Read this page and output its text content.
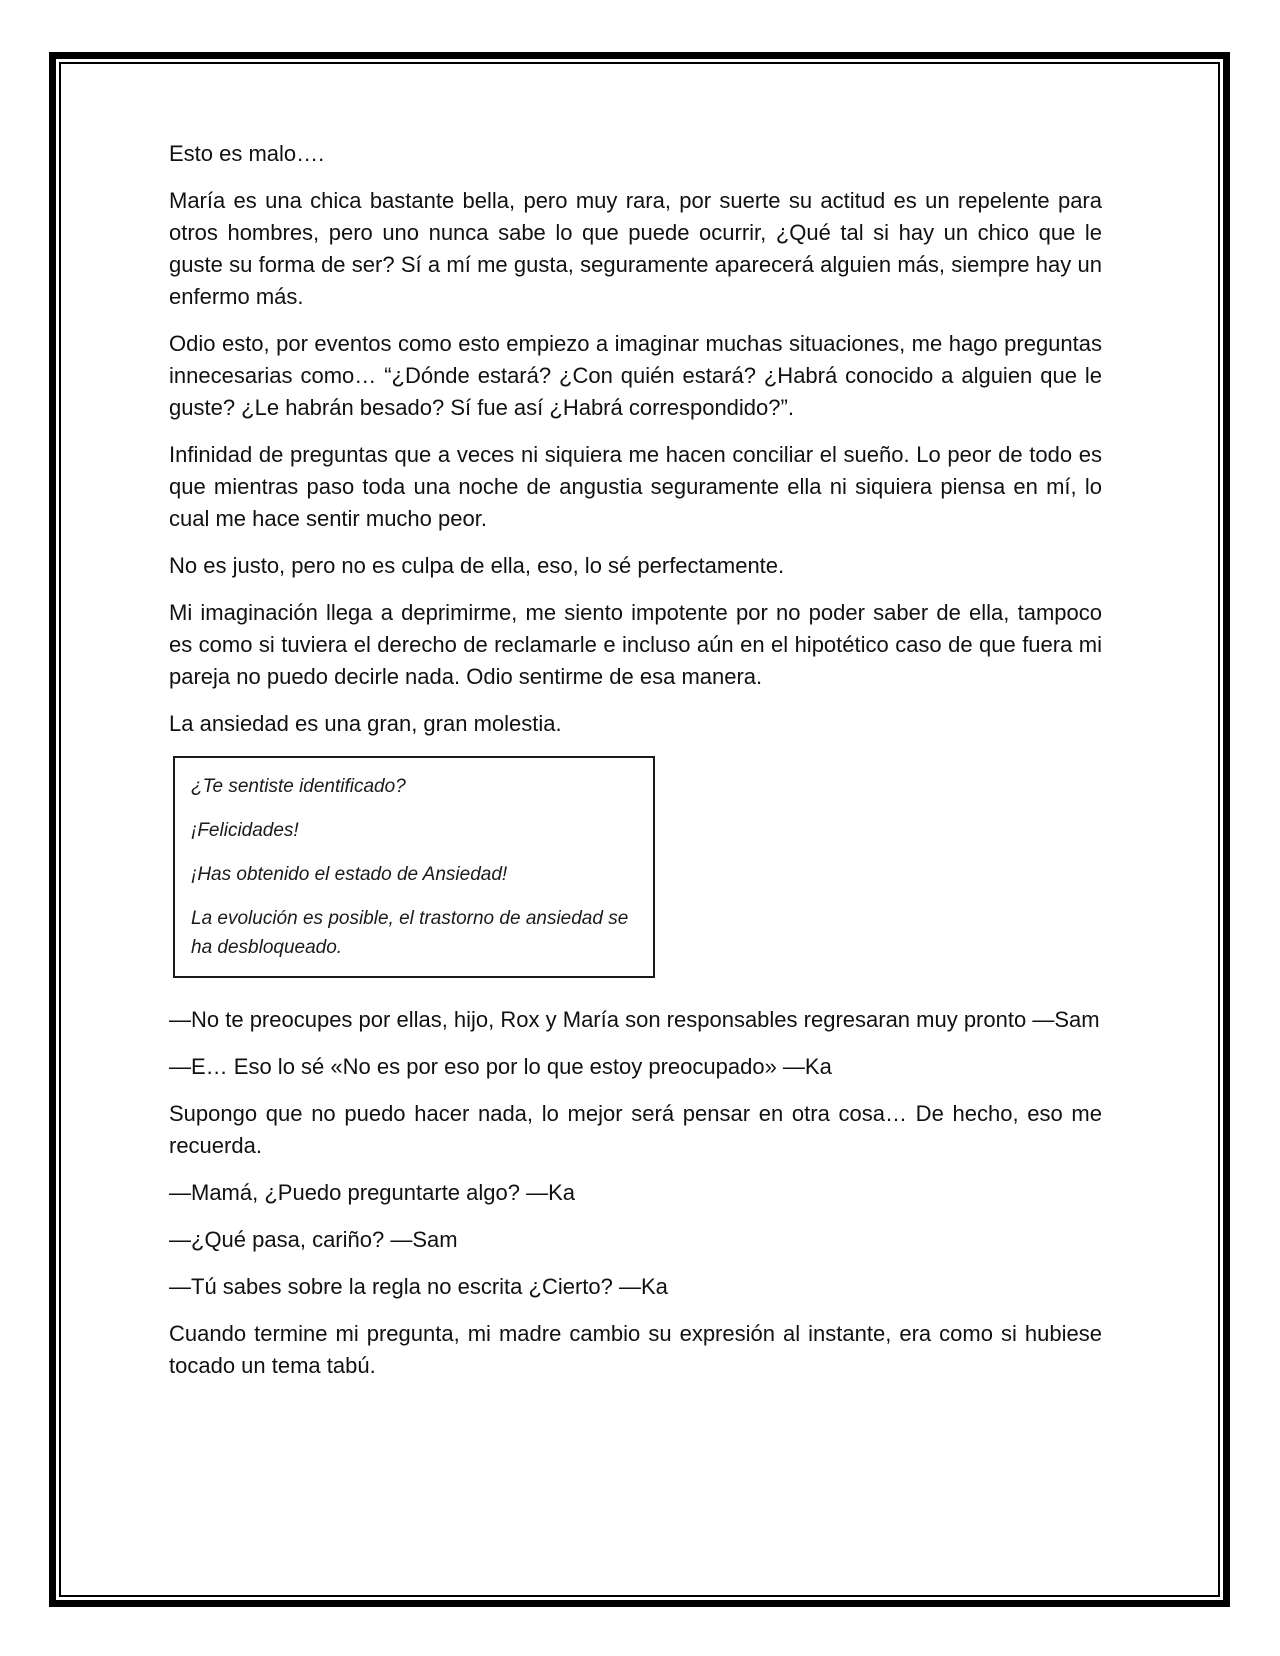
Esto es malo….

María es una chica bastante bella, pero muy rara, por suerte su actitud es un repelente para otros hombres, pero uno nunca sabe lo que puede ocurrir, ¿Qué tal si hay un chico que le guste su forma de ser? Sí a mí me gusta, seguramente aparecerá alguien más, siempre hay un enfermo más.

Odio esto, por eventos como esto empiezo a imaginar muchas situaciones, me hago preguntas innecesarias como… “¿Dónde estará? ¿Con quién estará? ¿Habrá conocido a alguien que le guste? ¿Le habrán besado? Sí fue así ¿Habrá correspondido?”.

Infinidad de preguntas que a veces ni siquiera me hacen conciliar el sueño. Lo peor de todo es que mientras paso toda una noche de angustia seguramente ella ni siquiera piensa en mí, lo cual me hace sentir mucho peor.

No es justo, pero no es culpa de ella, eso, lo sé perfectamente.

Mi imaginación llega a deprimirme, me siento impotente por no poder saber de ella, tampoco es como si tuviera el derecho de reclamarle e incluso aún en el hipotético caso de que fuera mi pareja no puedo decirle nada. Odio sentirme de esa manera.

La ansiedad es una gran, gran molestia.

¿Te sentiste identificado?

¡Felicidades!

¡Has obtenido el estado de Ansiedad!

La evolución es posible, el trastorno de ansiedad se ha desbloqueado.

—No te preocupes por ellas, hijo, Rox y María son responsables regresaran muy pronto —Sam

—E… Eso lo sé «No es por eso por lo que estoy preocupado» —Ka

Supongo que no puedo hacer nada, lo mejor será pensar en otra cosa… De hecho, eso me recuerda.

—Mamá, ¿Puedo preguntarte algo? —Ka

—¿Qué pasa, cariño? —Sam

—Tú sabes sobre la regla no escrita ¿Cierto? —Ka

Cuando termine mi pregunta, mi madre cambio su expresión al instante, era como si hubiese tocado un tema tabú.
